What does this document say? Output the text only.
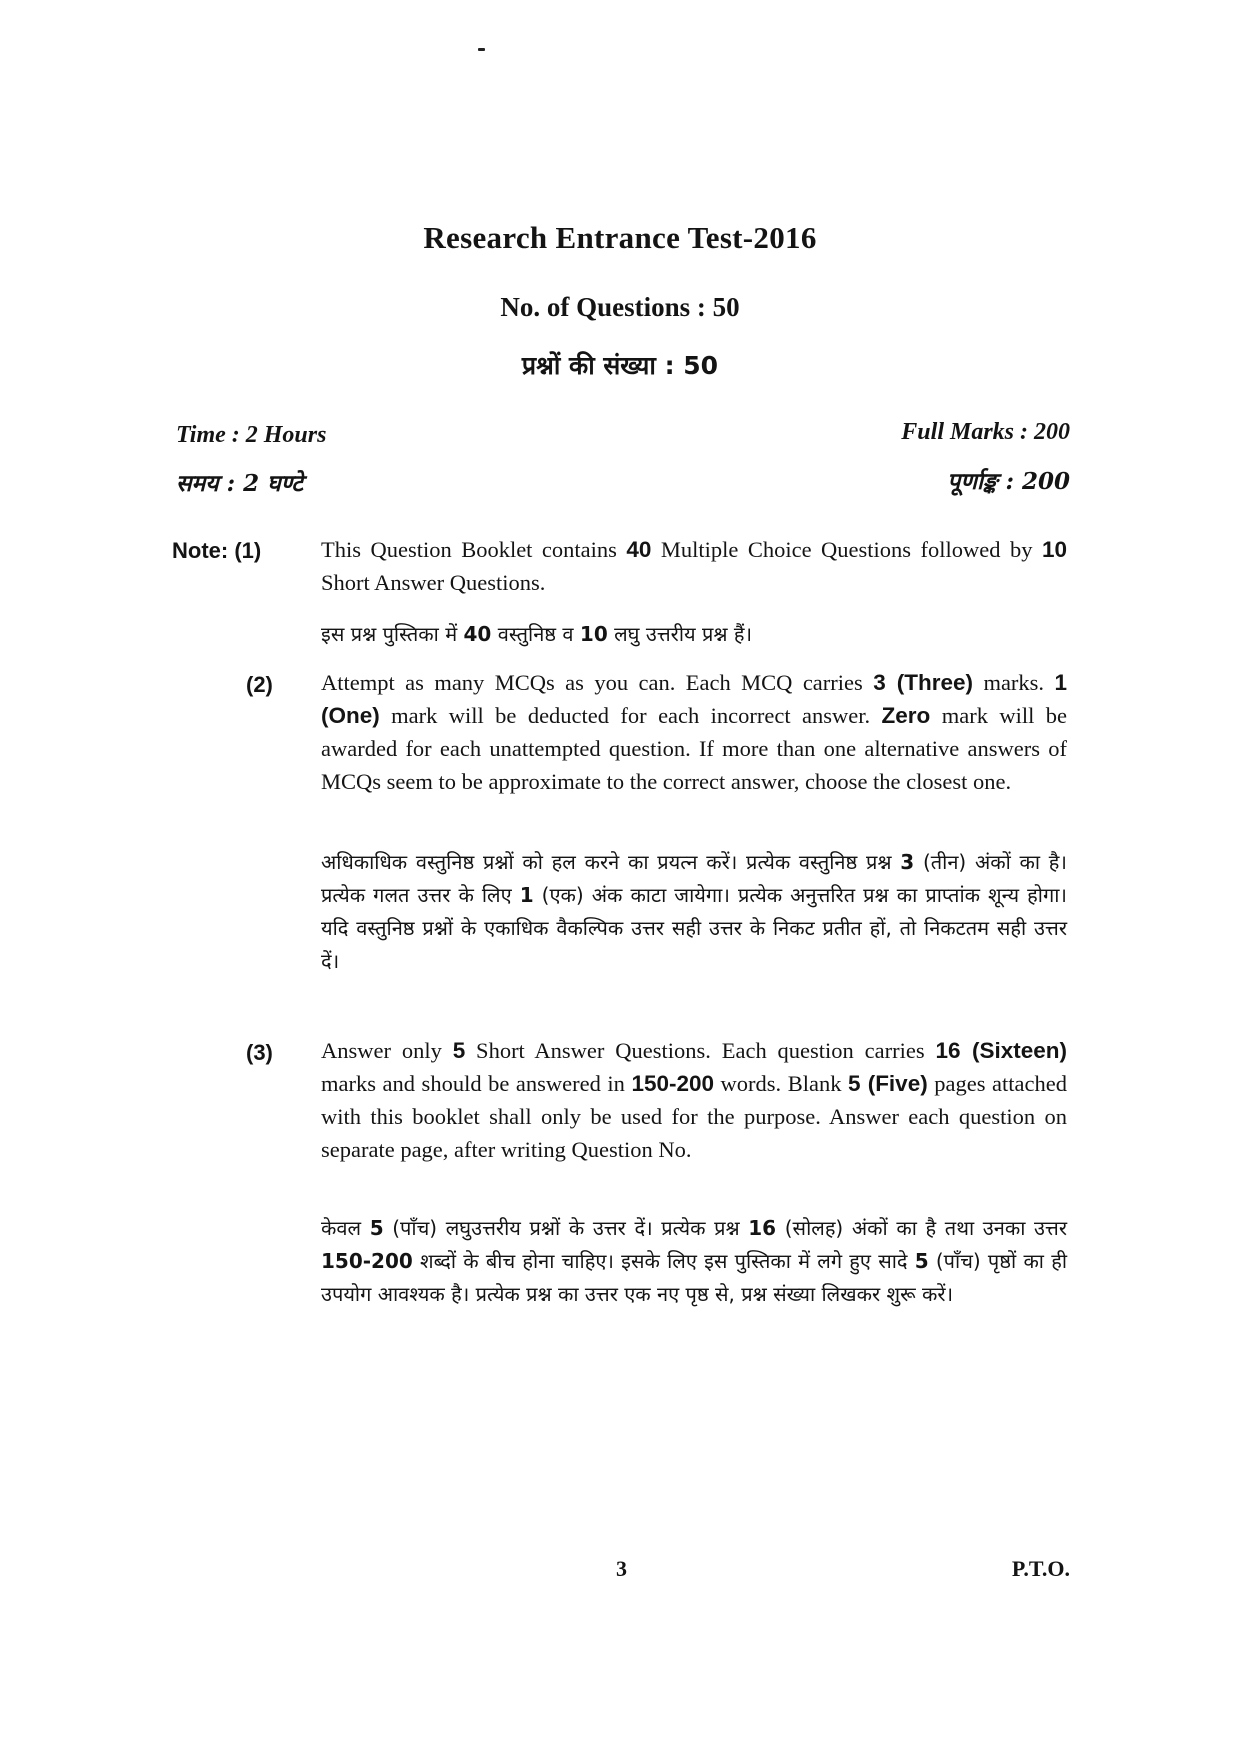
Research Entrance Test-2016
No. of Questions : 50
प्रश्नों की संख्या : 50
Time : 2 Hours
समय : 2 घण्टे
Full Marks : 200
पूर्णाङ्क : 200
Note: (1)	This Question Booklet contains 40 Multiple Choice Questions followed by 10 Short Answer Questions.

इस प्रश्न पुस्तिका में 40 वस्तुनिष्ठ व 10 लघु उत्तरीय प्रश्न हैं।

(2) Attempt as many MCQs as you can. Each MCQ carries 3 (Three) marks. 1 (One) mark will be deducted for each incorrect answer. Zero mark will be awarded for each unattempted question. If more than one alternative answers of MCQs seem to be approximate to the correct answer, choose the closest one.

अधिकाधिक वस्तुनिष्ठ प्रश्नों को हल करने का प्रयत्न करें। प्रत्येक वस्तुनिष्ठ प्रश्न 3 (तीन) अंकों का है। प्रत्येक गलत उत्तर के लिए 1 (एक) अंक काटा जायेगा। प्रत्येक अनुत्तरित प्रश्न का प्राप्तांक शून्य होगा। यदि वस्तुनिष्ठ प्रश्नों के एकाधिक वैकल्पिक उत्तर सही उत्तर के निकट प्रतीत हों, तो निकटतम सही उत्तर दें।

(3) Answer only 5 Short Answer Questions. Each question carries 16 (Sixteen) marks and should be answered in 150-200 words. Blank 5 (Five) pages attached with this booklet shall only be used for the purpose. Answer each question on separate page, after writing Question No.

केवल 5 (पाँच) लघुउत्तरीय प्रश्नों के उत्तर दें। प्रत्येक प्रश्न 16 (सोलह) अंकों का है तथा उनका उत्तर 150-200 शब्दों के बीच होना चाहिए। इसके लिए इस पुस्तिका में लगे हुए सादे 5 (पाँच) पृष्ठों का ही उपयोग आवश्यक है। प्रत्येक प्रश्न का उत्तर एक नए पृष्ठ से, प्रश्न संख्या लिखकर शुरू करें।

3	P.T.O.
